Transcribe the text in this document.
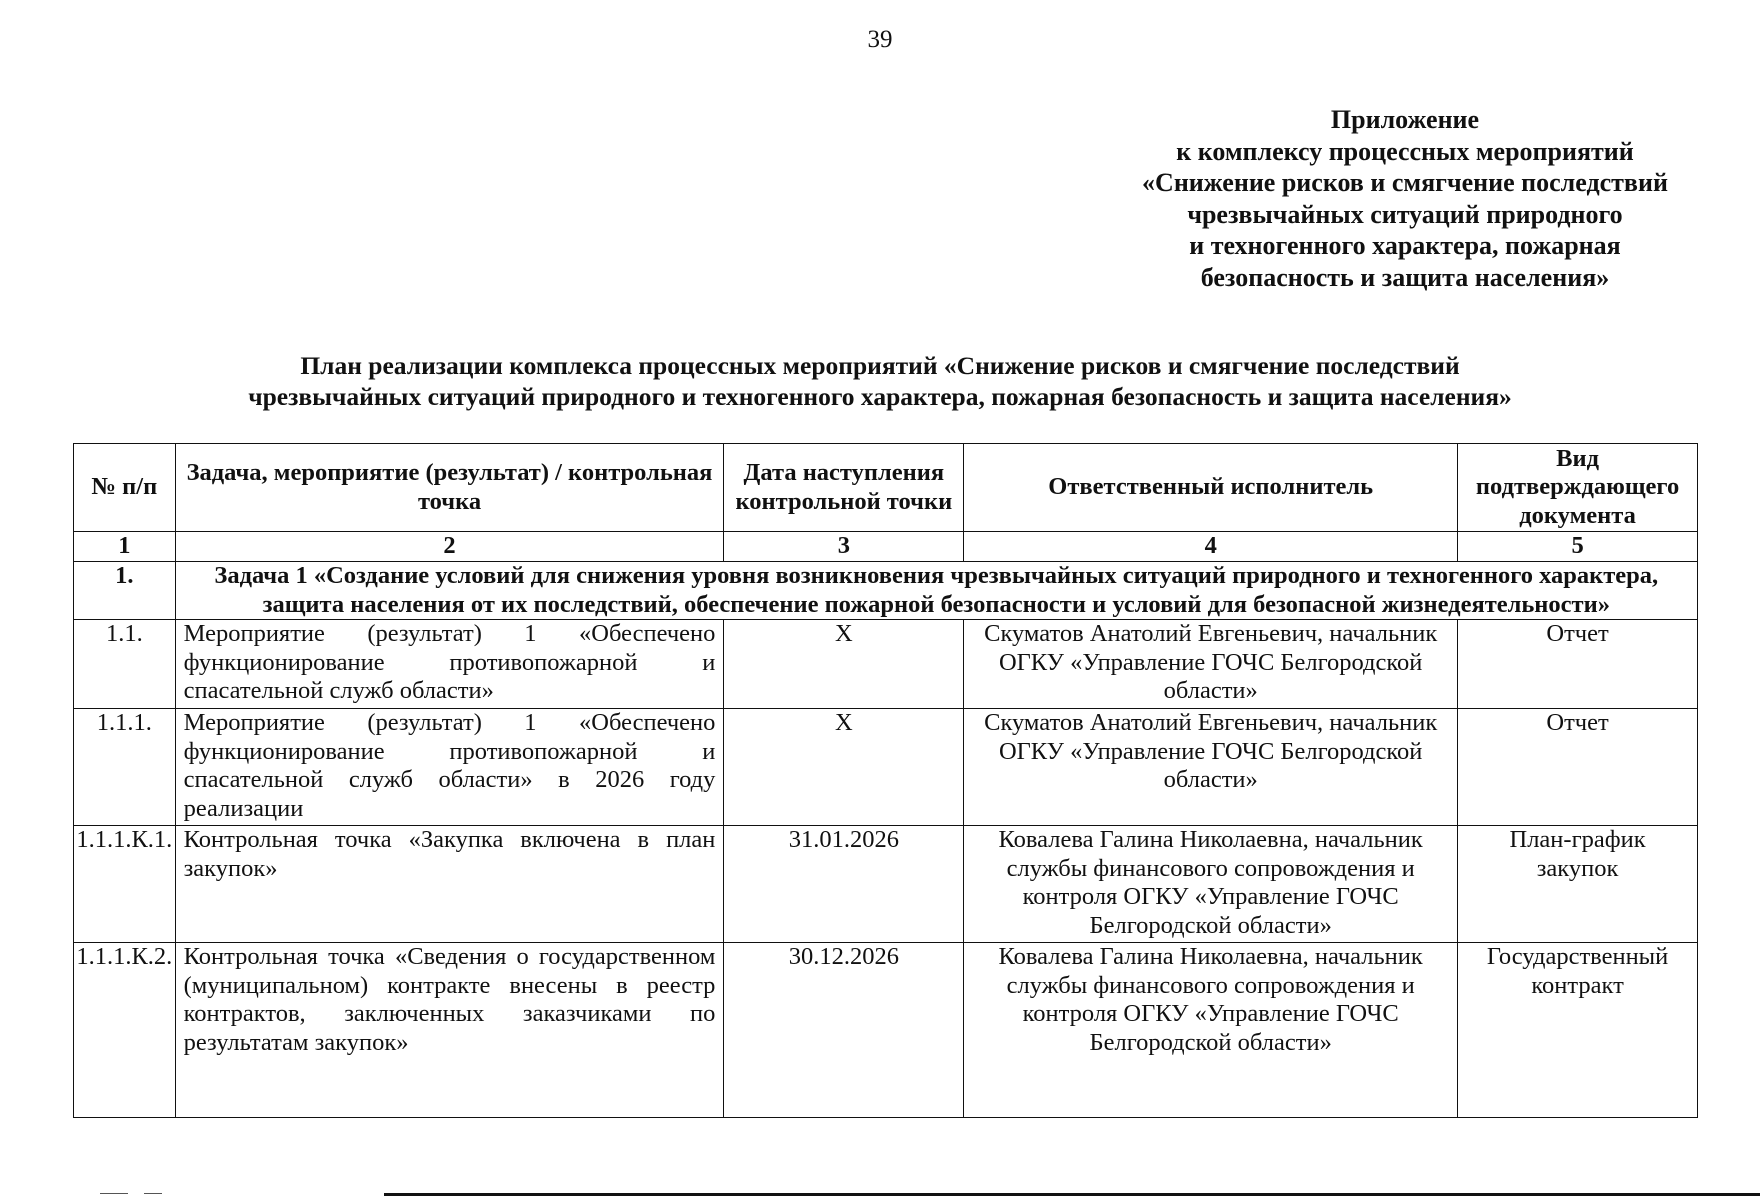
39
Приложение
к комплексу процессных мероприятий
«Снижение рисков и смягчение последствий
чрезвычайных ситуаций природного
и техногенного характера, пожарная
безопасность и защита населения»
План реализации комплекса процессных мероприятий «Снижение рисков и смягчение последствий
чрезвычайных ситуаций природного и техногенного характера, пожарная безопасность и защита населения»
№ п/п	Задача, мероприятие (результат) / контрольная точка	Дата наступления контрольной точки	Ответственный исполнитель	Вид подтверждающего документа
1	2	3	4	5
1.	Задача 1 «Создание условий для снижения уровня возникновения чрезвычайных ситуаций природного и техногенного характера, защита населения от их последствий, обеспечение пожарной безопасности и условий для безопасной жизнедеятельности»			
1.1.	Мероприятие (результат) 1 «Обеспечено функционирование противопожарной и спасательной служб области»	Х	Скуматов Анатолий Евгеньевич, начальник ОГКУ «Управление ГОЧС Белгородской области»	Отчет
1.1.1.	Мероприятие (результат) 1 «Обеспечено функционирование противопожарной и спасательной служб области» в 2026 году реализации	Х	Скуматов Анатолий Евгеньевич, начальник ОГКУ «Управление ГОЧС Белгородской области»	Отчет
1.1.1.К.1.	Контрольная точка «Закупка включена в план закупок»	31.01.2026	Ковалева Галина Николаевна, начальник службы финансового сопровождения и контроля ОГКУ «Управление ГОЧС Белгородской области»	План-график закупок
1.1.1.К.2.	Контрольная точка «Сведения о государственном (муниципальном) контракте внесены в реестр контрактов, заключенных заказчиками по результатам закупок»	30.12.2026	Ковалева Галина Николаевна, начальник службы финансового сопровождения и контроля ОГКУ «Управление ГОЧС Белгородской области»	Государственный контракт
